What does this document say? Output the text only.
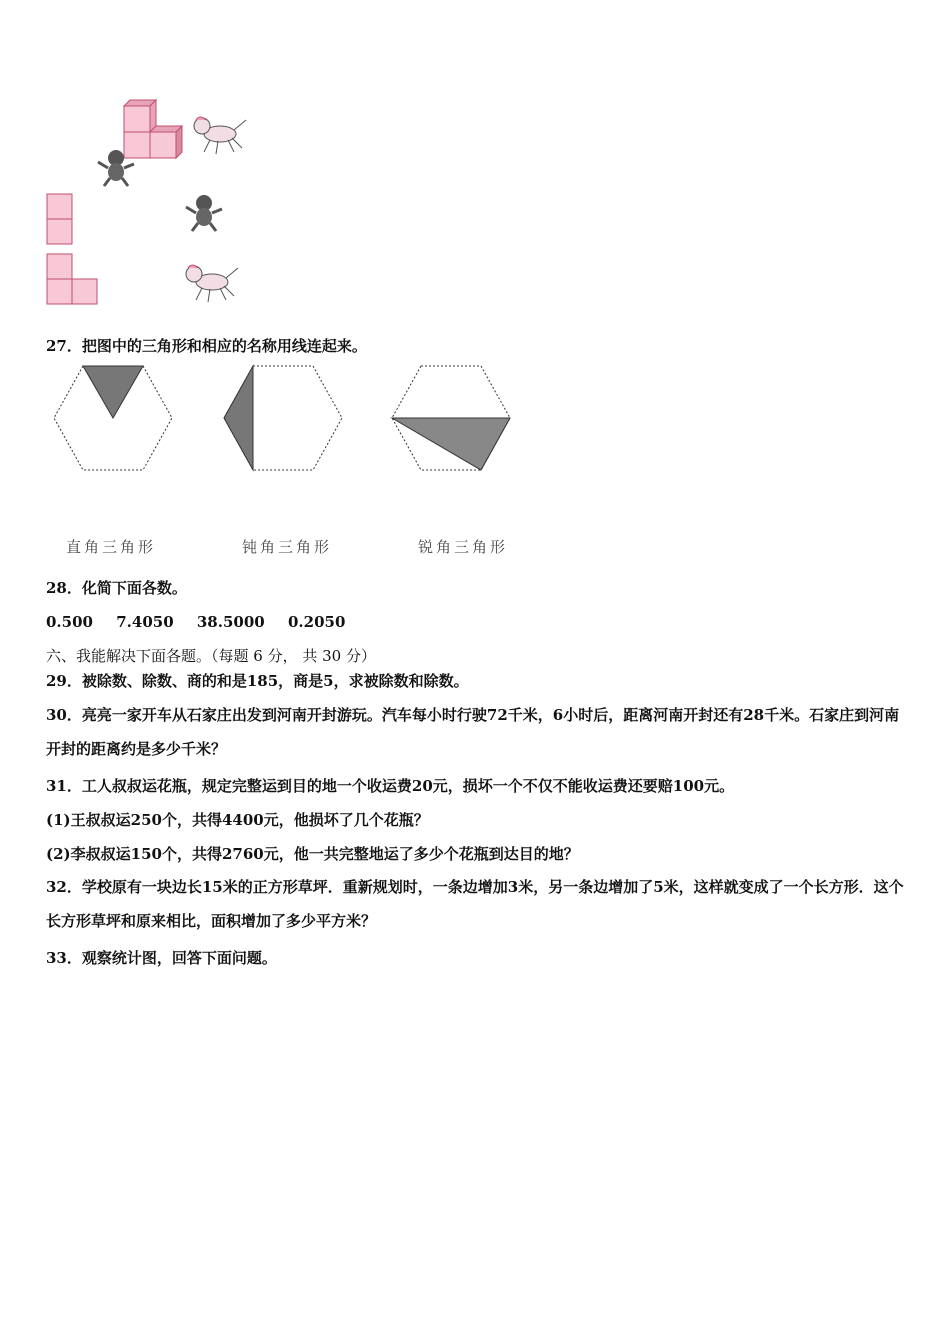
27．把图中的三角形和相应的名称用线连起来。
直角三角形	钝角三角形	锐角三角形
28．化简下面各数。
0.500 7.4050 38.5000 0.2050
六、我能解决下面各题。（每题 6 分， 共 30 分）
29．被除数、除数、商的和是185，商是5，求被除数和除数。
30．亮亮一家开车从石家庄出发到河南开封游玩。汽车每小时行驶72千米，6小时后，距离河南开封还有28千米。石家庄到河南开封的距离约是多少千米？
31．工人叔叔运花瓶，规定完整运到目的地一个收运费20元，损坏一个不仅不能收运费还要赔100元。
(1)王叔叔运250个，共得4400元，他损坏了几个花瓶？
(2)李叔叔运150个，共得2760元，他一共完整地运了多少个花瓶到达目的地？
32．学校原有一块边长15米的正方形草坪．重新规划时，一条边增加3米，另一条边增加了5米，这样就变成了一个长方形．这个长方形草坪和原来相比，面积增加了多少平方米？
33．观察统计图，回答下面问题。
